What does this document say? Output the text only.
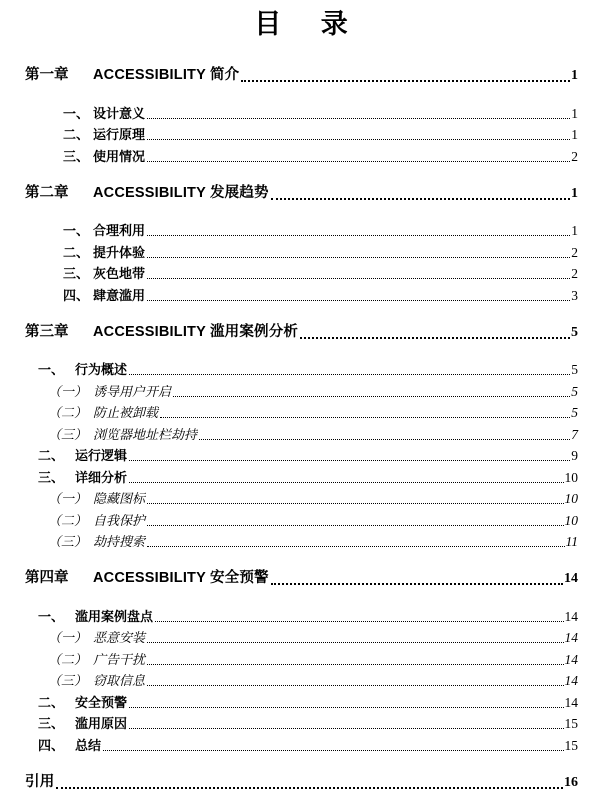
目 录
第一章	ACCESSIBILITY 简介	1
一、 设计意义	1
二、 运行原理	1
三、 使用情况	2
第二章	ACCESSIBILITY 发展趋势	1
一、 合理利用	1
二、 提升体验	2
三、 灰色地带	2
四、 肆意滥用	3
第三章	ACCESSIBILITY 滥用案例分析	5
一、 行为概述	5
（一） 诱导用户开启	5
（二） 防止被卸载	5
（三） 浏览器地址栏劫持	7
二、 运行逻辑	9
三、 详细分析	10
（一） 隐藏图标	10
（二） 自我保护	10
（三） 劫持搜索	11
第四章	ACCESSIBILITY 安全预警	14
一、 滥用案例盘点	14
（一） 恶意安装	14
（二） 广告干扰	14
（三） 窃取信息	14
二、 安全预警	14
三、 滥用原因	15
四、 总结	15
引用	16
